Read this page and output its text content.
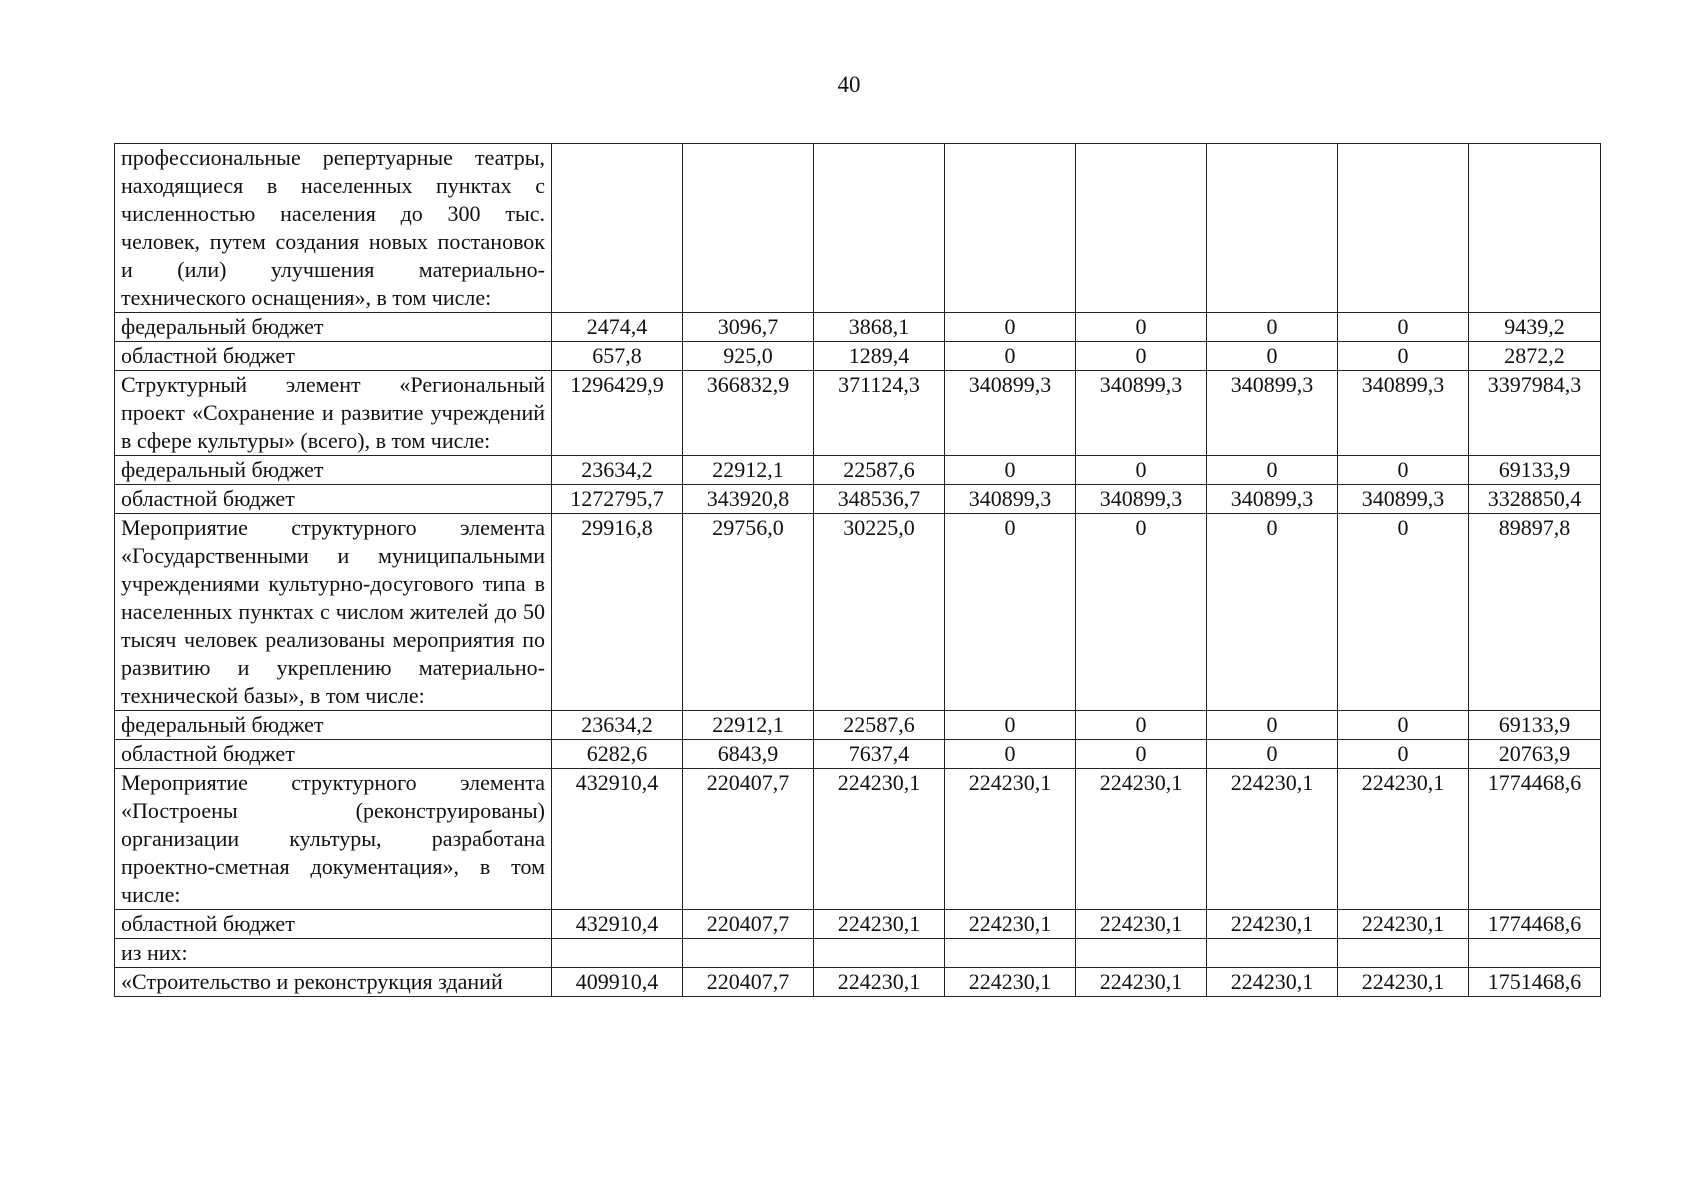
40
профессиональные репертуарные театры, находящиеся в населенных пунктах с численностью населения до 300 тыс. человек, путем создания новых постановок и (или) улучшения материально-технического оснащения», в том числе:								
федеральный бюджет	2474,4	3096,7	3868,1	0	0	0	0	9439,2
областной бюджет	657,8	925,0	1289,4	0	0	0	0	2872,2
Структурный элемент «Региональный проект «Сохранение и развитие учреждений в сфере культуры» (всего), в том числе:	1296429,9	366832,9	371124,3	340899,3	340899,3	340899,3	340899,3	3397984,3
федеральный бюджет	23634,2	22912,1	22587,6	0	0	0	0	69133,9
областной бюджет	1272795,7	343920,8	348536,7	340899,3	340899,3	340899,3	340899,3	3328850,4
Мероприятие структурного элемента «Государственными и муниципальными учреждениями культурно-досугового типа в населенных пунктах с числом жителей до 50 тысяч человек реализованы мероприятия по развитию и укреплению материально-технической базы», в том числе:	29916,8	29756,0	30225,0	0	0	0	0	89897,8
федеральный бюджет	23634,2	22912,1	22587,6	0	0	0	0	69133,9
областной бюджет	6282,6	6843,9	7637,4	0	0	0	0	20763,9
Мероприятие структурного элемента «Построены (реконструированы) организации культуры, разработана проектно-сметная документация», в том числе:	432910,4	220407,7	224230,1	224230,1	224230,1	224230,1	224230,1	1774468,6
областной бюджет	432910,4	220407,7	224230,1	224230,1	224230,1	224230,1	224230,1	1774468,6
из них:								
«Строительство и реконструкция зданий	409910,4	220407,7	224230,1	224230,1	224230,1	224230,1	224230,1	1751468,6
